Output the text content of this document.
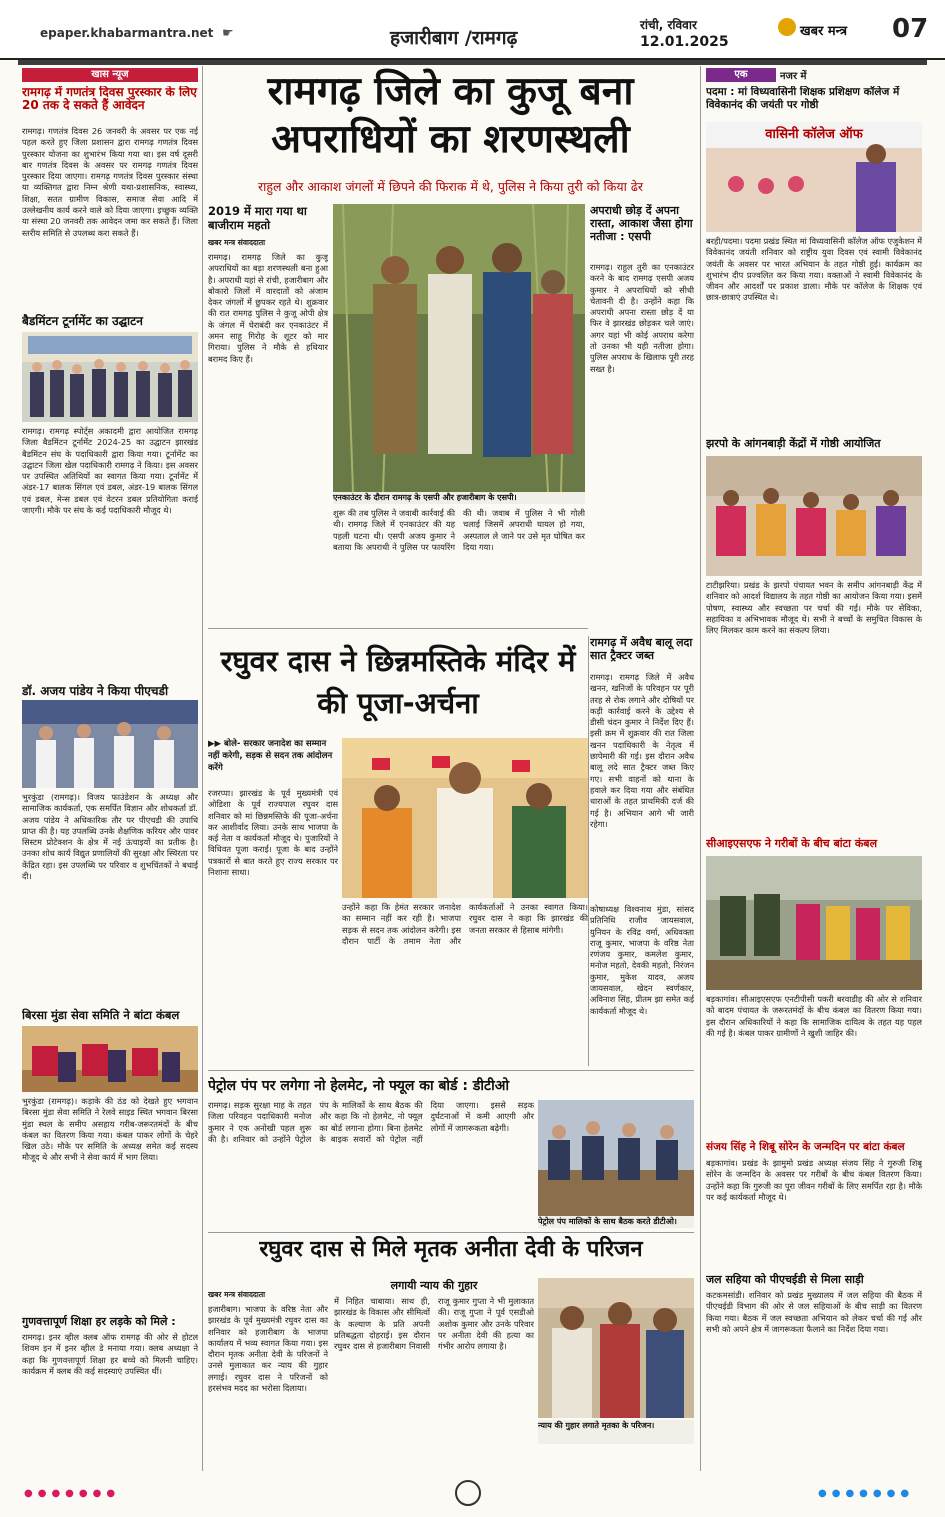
epaper.khabarmantra.net ☛	हजारीबाग /रामगढ़
रांची, रविवार
12.01.2025
खबर मन्त्र 07
खास न्यूज
रामगढ़ में गणतंत्र दिवस पुरस्कार के लिए 20 तक दे सकते हैं आवेदन
रामगढ़। गणतंत्र दिवस 26 जनवरी के अवसर पर एक नई पहल करते हुए जिला प्रशासन द्वारा रामगढ़ गणतंत्र दिवस पुरस्कार योजना का शुभारंभ किया गया था। इस वर्ष दूसरी बार गणतंत्र दिवस के अवसर पर रामगढ़ गणतंत्र दिवस पुरस्कार दिया जाएगा। रामगढ़ गणतंत्र दिवस पुरस्कार संस्था या व्यक्तिगत द्वारा निम्न श्रेणी यथा-प्रशासनिक, स्वास्थ्य, शिक्षा, सतत ग्रामीण विकास, समाज सेवा आदि में उल्लेखनीय कार्य करने वाले को दिया जाएगा। इच्छुक व्यक्ति या संस्था 20 जनवरी तक आवेदन जमा कर सकते हैं। जिला स्तरीय समिति से उपलब्ध करा सकते हैं।
बैडमिंटन टूर्नामेंट का उद्घाटन
रामगढ़। रामगढ़ स्पोर्ट्स अकादमी द्वारा आयोजित रामगढ़ जिला बैडमिंटन टूर्नामेंट 2024-25 का उद्घाटन झारखंड बैडमिंटन संघ के पदाधिकारी द्वारा किया गया। टूर्नामेंट का उद्घाटन जिला खेल पदाधिकारी रामगढ़ ने किया। इस अवसर पर उपस्थित अतिथियों का स्वागत किया गया। टूर्नामेंट में अंडर-17 बालक सिंगल एवं डबल, अंडर-19 बालक सिंगल एवं डबल, मेन्स डबल एवं वेटरन डबल प्रतियोगिता कराई जाएगी। मौके पर संघ के कई पदाधिकारी मौजूद थे।
डॉ. अजय पांडेय ने किया पीएचडी
भुरकुंडा (रामगढ़)। विजय फाउंडेशन के अध्यक्ष और सामाजिक कार्यकर्ता, एक समर्पित विज्ञान और शोधकर्ता डॉ. अजय पांडेय ने अधिकारिक तौर पर पीएचडी की उपाधि प्राप्त की है। यह उपलब्धि उनके शैक्षणिक करियर और पावर सिस्टम प्रोटेक्शन के क्षेत्र में नई ऊंचाइयों का प्रतीक है। उनका शोध कार्य विद्युत प्रणालियों की सुरक्षा और स्थिरता पर केंद्रित रहा। इस उपलब्धि पर परिवार व शुभचिंतकों ने बधाई दी।
बिरसा मुंडा सेवा समिति ने बांटा कंबल
भुरकुंडा (रामगढ़)। कड़ाके की ठंड को देखते हुए भगवान बिरसा मुंडा सेवा समिति ने रेलवे साइड स्थित भगवान बिरसा मुंडा स्थल के समीप असहाय गरीब-जरूरतमंदों के बीच कंबल का वितरण किया गया। कंबल पाकर लोगों के चेहरे खिल उठे। मौके पर समिति के अध्यक्ष समेत कई सदस्य मौजूद थे और सभी ने सेवा कार्य में भाग लिया।
गुणवत्तापूर्ण शिक्षा हर लड़के को मिले :
रामगढ़। इनर व्हील क्लब ऑफ रामगढ़ की ओर से होटल शिवम इन में इनर व्हील डे मनाया गया। क्लब अध्यक्षा ने कहा कि गुणवत्तापूर्ण शिक्षा हर बच्चे को मिलनी चाहिए। कार्यक्रम में क्लब की कई सदस्याएं उपस्थित थीं।
रामगढ़ जिले का कुजू बना अपराधियों का शरणस्थली
राहुल और आकाश जंगलों में छिपने की फिराक में थे, पुलिस ने किया तुरी को किया ढेर
2019 में मारा गया था बाजीराम महतो
खबर मन्त्र संवाददाता
रामगढ़। रामगढ़ जिले का कुजू अपराधियों का बड़ा शरणस्थली बना हुआ है। अपराधी यहां से रांची, हजारीबाग और बोकारो जिलों में वारदातों को अंजाम देकर जंगलों में छुपकर रहते थे। शुक्रवार की रात रामगढ़ पुलिस ने कुजू ओपी क्षेत्र के जंगल में घेराबंदी कर एनकाउंटर में अमन साहू गिरोह के शूटर को मार गिराया। पुलिस ने मौके से हथियार बरामद किए हैं।
एनकाउंटर के दौरान रामगढ़ के एसपी और हजारीबाग के एसपी।
शुरू की तब पुलिस ने जवाबी कार्रवाई की थी। रामगढ़ जिले में एनकाउंटर की यह पहली घटना थी। एसपी अजय कुमार ने बताया कि अपराधी ने पुलिस पर फायरिंग की थी। जवाब में पुलिस ने भी गोली चलाई जिसमें अपराधी घायल हो गया, अस्पताल ले जाने पर उसे मृत घोषित कर दिया गया।
अपराधी छोड़ दें अपना रास्ता, आकाश जैसा होगा नतीजा : एसपी
रामगढ़। राहुल तुरी का एनकाउंटर करने के बाद रामगढ़ एसपी अजय कुमार ने अपराधियों को सीधी चेतावनी दी है। उन्होंने कहा कि अपराधी अपना रास्ता छोड़ दें या फिर वे झारखंड छोड़कर चले जाएं। अगर यहां भी कोई अपराध करेगा तो उनका भी यही नतीजा होगा। पुलिस अपराध के खिलाफ पूरी तरह सख्त है।
रघुवर दास ने छिन्नमस्तिके मंदिर में की पूजा-अर्चना
▶▶ बोले- सरकार जनादेश का सम्मान नहीं करेगी, सड़क से सदन तक आंदोलन करेंगे
रजरप्पा। झारखंड के पूर्व मुख्यमंत्री एवं ओडिशा के पूर्व राज्यपाल रघुवर दास शनिवार को मां छिन्नमस्तिके की पूजा-अर्चना कर आशीर्वाद लिया। उनके साथ भाजपा के कई नेता व कार्यकर्ता मौजूद थे। पुजारियों ने विधिवत पूजा कराई। पूजा के बाद उन्होंने पत्रकारों से बात करते हुए राज्य सरकार पर निशाना साधा।
उन्होंने कहा कि हेमंत सरकार जनादेश का सम्मान नहीं कर रही है। भाजपा सड़क से सदन तक आंदोलन करेगी। इस दौरान पार्टी के तमाम नेता और कार्यकर्ताओं ने उनका स्वागत किया। रघुवर दास ने कहा कि झारखंड की जनता सरकार से हिसाब मांगेगी।
कोषाध्यक्ष विश्वनाथ मुंडा, सांसद प्रतिनिधि राजीव जायसवाल, युनियन के रविंद्र वर्मा, अधिवक्ता राजू कुमार, भाजपा के वरिष्ठ नेता रणंजय कुमार, कमलेश कुमार, मनोज महतो, देवकी महतो, निरंजन कुमार, मुकेश यादव, अजय जायसवाल, खेदन स्वर्णकार, अविनाश सिंह, प्रीतम झा समेत कई कार्यकर्ता मौजूद थे।
रामगढ़ में अवैध बालू लदा सात ट्रैक्टर जब्त
रामगढ़। रामगढ़ जिले में अवैध खनन, खनिजों के परिवहन पर पूरी तरह से रोक लगाने और दोषियों पर कड़ी कार्रवाई करने के उद्देश्य से डीसी चंदन कुमार ने निर्देश दिए हैं। इसी क्रम में शुक्रवार की रात जिला खनन पदाधिकारी के नेतृत्व में छापेमारी की गई। इस दौरान अवैध बालू लदे सात ट्रैक्टर जब्त किए गए। सभी वाहनों को थाना के हवाले कर दिया गया और संबंधित धाराओं के तहत प्राथमिकी दर्ज की गई है। अभियान आगे भी जारी रहेगा।
पेट्रोल पंप पर लगेगा नो हेलमेट, नो फ्यूल का बोर्ड : डीटीओ
रामगढ़। सड़क सुरक्षा माह के तहत जिला परिवहन पदाधिकारी मनोज कुमार ने एक अनोखी पहल शुरू की है। शनिवार को उन्होंने पेट्रोल पंप के मालिकों के साथ बैठक की और कहा कि नो हेलमेट, नो फ्यूल का बोर्ड लगाना होगा। बिना हेलमेट के बाइक सवारों को पेट्रोल नहीं दिया जाएगा। इससे सड़क दुर्घटनाओं में कमी आएगी और लोगों में जागरूकता बढ़ेगी।
पेट्रोल पंप मालिकों के साथ बैठक करते डीटीओ।
रघुवर दास से मिले मृतक अनीता देवी के परिजन
खबर मन्त्र संवाददाता
हजारीबाग। भाजपा के वरिष्ठ नेता और झारखंड के पूर्व मुख्यमंत्री रघुवर दास का शनिवार को हजारीबाग के भाजपा कार्यालय में भव्य स्वागत किया गया। इस दौरान मृतक अनीता देवी के परिजनों ने उनसे मुलाकात कर न्याय की गुहार लगाई। रघुवर दास ने परिजनों को हरसंभव मदद का भरोसा दिलाया।
लगायी न्याय की गुहार
में निहित चाबाया। साथ ही, झारखंड के विकास और सीमित्वों के कल्याण के प्रति अपनी प्रतिबद्धता दोहराई। इस दौरान रघुवर दास से हजारीबाग निवासी राजू कुमार गुप्ता ने भी मुलाकात की। राजू गुप्ता ने पूर्व एसडीओ अशोक कुमार और उनके परिवार पर अनीता देवी की हत्या का गंभीर आरोप लगाया है।
न्याय की गुहार लगाते मृतका के परिजन।
एक	नजर में
पदमा : मां विध्यवासिनी शिक्षक प्रशिक्षण कॉलेज में विवेकानंद की जयंती पर गोष्ठी
वासिनी कॉलेज ऑफ
बरही/पदमा। पदमा प्रखंड स्थित मां विध्यवासिनी कॉलेज ऑफ एजुकेशन में विवेकानंद जयंती शनिवार को राष्ट्रीय युवा दिवस एवं स्वामी विवेकानंद जयंती के अवसर पर भारत अभियान के तहत गोष्ठी हुई। कार्यक्रम का शुभारंभ दीप प्रज्वलित कर किया गया। वक्ताओं ने स्वामी विवेकानंद के जीवन और आदर्शों पर प्रकाश डाला। मौके पर कॉलेज के शिक्षक एवं छात्र-छात्राएं उपस्थित थे।
झरपो के आंगनबाड़ी केंद्रों में गोष्ठी आयोजित
टाटीझरिया। प्रखंड के झरपो पंचायत भवन के समीप आंगनबाड़ी केंद्र में शनिवार को आदर्श विद्यालय के तहत गोष्ठी का आयोजन किया गया। इसमें पोषण, स्वास्थ्य और स्वच्छता पर चर्चा की गई। मौके पर सेविका, सहायिका व अभिभावक मौजूद थे। सभी ने बच्चों के समुचित विकास के लिए मिलकर काम करने का संकल्प लिया।
सीआइएसएफ ने गरीबों के बीच बांटा कंबल
बड़कागांव। सीआइएसएफ एनटीपीसी पकरी बरवाडीह की ओर से शनिवार को बादम पंचायत के जरूरतमंदों के बीच कंबल का वितरण किया गया। इस दौरान अधिकारियों ने कहा कि सामाजिक दायित्व के तहत यह पहल की गई है। कंबल पाकर ग्रामीणों ने खुशी जाहिर की।
संजय सिंह ने शिबू सोरेन के जन्मदिन पर बांटा कंबल
बड़कागांव। प्रखंड के झामुमो प्रखंड अध्यक्ष संजय सिंह ने गुरुजी शिबू सोरेन के जन्मदिन के अवसर पर गरीबों के बीच कंबल वितरण किया। उन्होंने कहा कि गुरुजी का पूरा जीवन गरीबों के लिए समर्पित रहा है। मौके पर कई कार्यकर्ता मौजूद थे।
जल सहिया को पीएचईडी से मिला साड़ी
कटकमसांडी। शनिवार को प्रखंड मुख्यालय में जल सहिया की बैठक में पीएचईडी विभाग की ओर से जल सहियाओं के बीच साड़ी का वितरण किया गया। बैठक में जल स्वच्छता अभियान को लेकर चर्चा की गई और सभी को अपने क्षेत्र में जागरूकता फैलाने का निर्देश दिया गया।
●●●●●●●	●●●●●●●
